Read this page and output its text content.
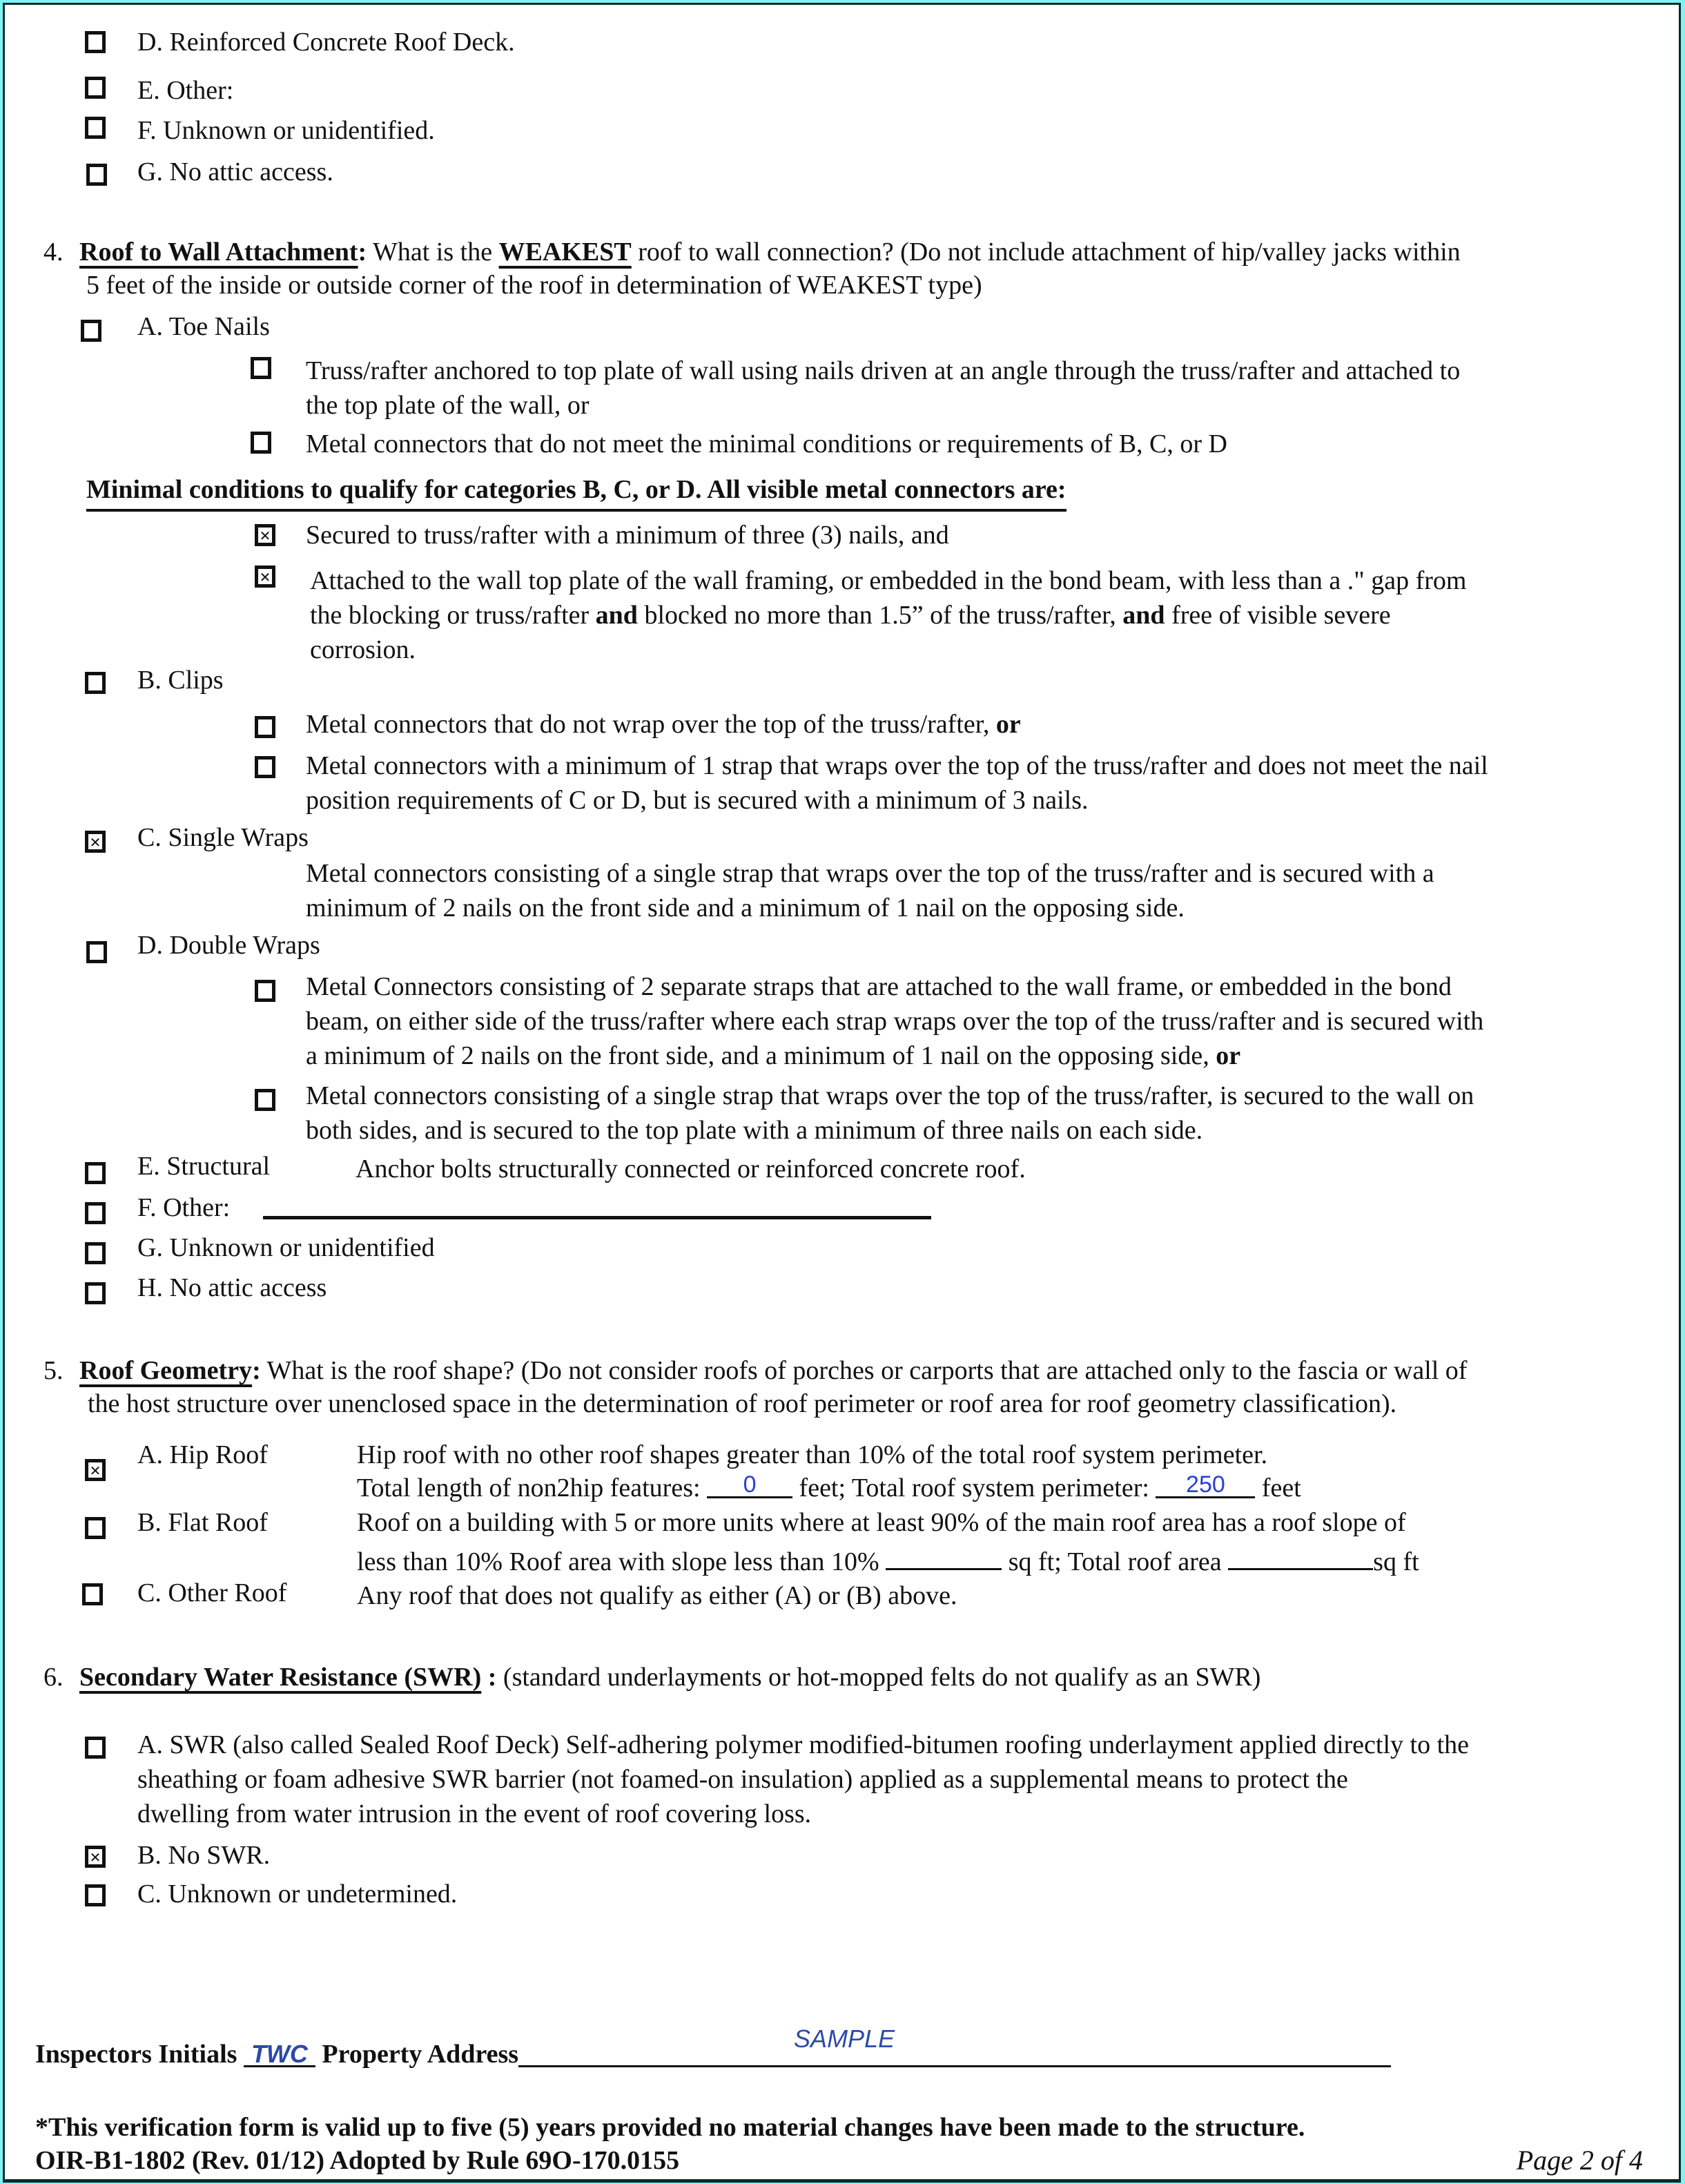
D. Reinforced Concrete Roof Deck.
E. Other:
F. Unknown or unidentified.
G. No attic access.
4. Roof to Wall Attachment: What is the WEAKEST roof to wall connection? (Do not include attachment of hip/valley jacks within
5 feet of the inside or outside corner of the roof in determination of WEAKEST type)
A. Toe Nails
Truss/rafter anchored to top plate of wall using nails driven at an angle through the truss/rafter and attached to
the top plate of the wall, or
Metal connectors that do not meet the minimal conditions or requirements of B, C, or D
Minimal conditions to qualify for categories B, C, or D. All visible metal connectors are:
✕
Secured to truss/rafter with a minimum of three (3) nails, and
✕
Attached to the wall top plate of the wall framing, or embedded in the bond beam, with less than a ." gap from
the blocking or truss/rafter and blocked no more than 1.5” of the truss/rafter, and free of visible severe
corrosion.
B. Clips
Metal connectors that do not wrap over the top of the truss/rafter, or
Metal connectors with a minimum of 1 strap that wraps over the top of the truss/rafter and does not meet the nail
position requirements of C or D, but is secured with a minimum of 3 nails.
✕
C. Single Wraps
Metal connectors consisting of a single strap that wraps over the top of the truss/rafter and is secured with a
minimum of 2 nails on the front side and a minimum of 1 nail on the opposing side.
D. Double Wraps
Metal Connectors consisting of 2 separate straps that are attached to the wall frame, or embedded in the bond
beam, on either side of the truss/rafter where each strap wraps over the top of the truss/rafter and is secured with
a minimum of 2 nails on the front side, and a minimum of 1 nail on the opposing side, or
Metal connectors consisting of a single strap that wraps over the top of the truss/rafter, is secured to the wall on
both sides, and is secured to the top plate with a minimum of three nails on each side.
E. Structural	Anchor bolts structurally connected or reinforced concrete roof.
F. Other:
G. Unknown or unidentified
H. No attic access
5. Roof Geometry: What is the roof shape? (Do not consider roofs of porches or carports that are attached only to the fascia or wall of
the host structure over unenclosed space in the determination of roof perimeter or roof area for roof geometry classification).
✕
A. Hip Roof	Hip roof with no other roof shapes greater than 10% of the total roof system perimeter.
Total length of non2hip features: 0 feet; Total roof system perimeter: 250 feet
B. Flat Roof	Roof on a building with 5 or more units where at least 90% of the main roof area has a roof slope of
less than 10% Roof area with slope less than 10%	sq ft; Total roof area	sq ft
C. Other Roof	Any roof that does not qualify as either (A) or (B) above.
6. Secondary Water Resistance (SWR) : (standard underlayments or hot-mopped felts do not qualify as an SWR)
A. SWR (also called Sealed Roof Deck) Self-adhering polymer modified-bitumen roofing underlayment applied directly to the
sheathing or foam adhesive SWR barrier (not foamed-on insulation) applied as a supplemental means to protect the
dwelling from water intrusion in the event of roof covering loss.
✕
B. No SWR.
C. Unknown or undetermined.
Inspectors Initials TWC Property AddressSAMPLE
*This verification form is valid up to five (5) years provided no material changes have been made to the structure.
OIR-B1-1802 (Rev. 01/12) Adopted by Rule 69O-170.0155	Page 2 of 4
